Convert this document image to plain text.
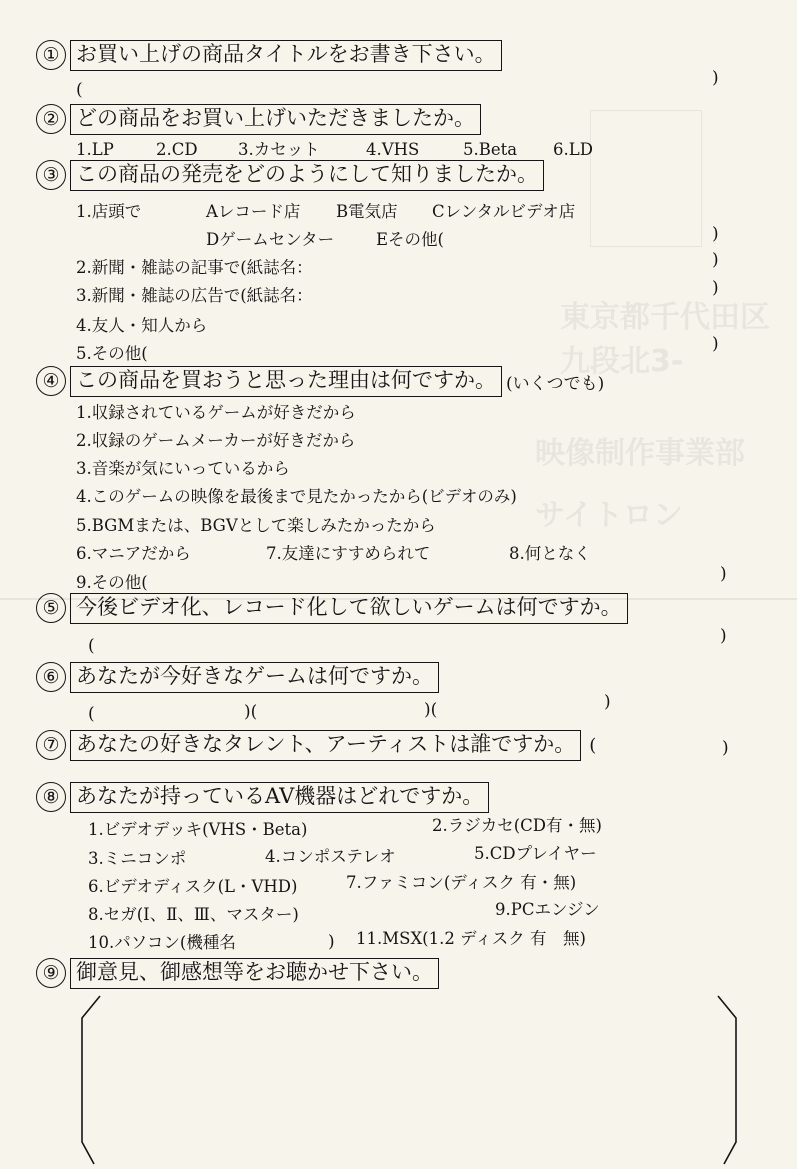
東京都千代田区九段北3-
映像制作事業部
サイトロン
① お買い上げの商品タイトルをお書き下さい。
(
)
② どの商品をお買い上げいただきましたか。
1.LP	2.CD 3.カセット	4.VHS	5.Beta 6.LD
③ この商品の発売をどのようにして知りましたか。
1.店頭で	Aレコード店 B電気店 Cレンタルビデオ店
Dゲームセンター	Eその他(	)
2.新聞・雑誌の記事で(紙誌名：	)
3.新聞・雑誌の広告で(紙誌名：	)
4.友人・知人から
5.その他(	)
④ この商品を買おうと思った理由は何ですか。 (いくつでも)
1.収録されているゲームが好きだから
2.収録のゲームメーカーが好きだから
3.音楽が気にいっているから
4.このゲームの映像を最後まで見たかったから(ビデオのみ)
5.BGMまたは、BGVとして楽しみたかったから
6.マニアだから	7.友達にすすめられて	8.何となく
9.その他(	)
⑤ 今後ビデオ化、レコード化して欲しいゲームは何ですか。
(	)
⑥ あなたが今好きなゲームは何ですか。
(	)(	)(	)
⑦ あなたの好きなタレント、アーティストは誰ですか。 (	)
⑧ あなたが持っているAV機器はどれですか。
1.ビデオデッキ(VHS・Beta)	2.ラジカセ(CD有・無)
3.ミニコンポ	4.コンポステレオ	5.CDプレイヤー
6.ビデオディスク(L・VHD)	7.ファミコン(ディスク 有・無)
8.セガ(Ⅰ、Ⅱ、Ⅲ、マスター)	9.PCエンジン
10.パソコン(機種名	) 11.MSX(1.2 ディスク 有　無)
⑨ 御意見、御感想等をお聴かせ下さい。
